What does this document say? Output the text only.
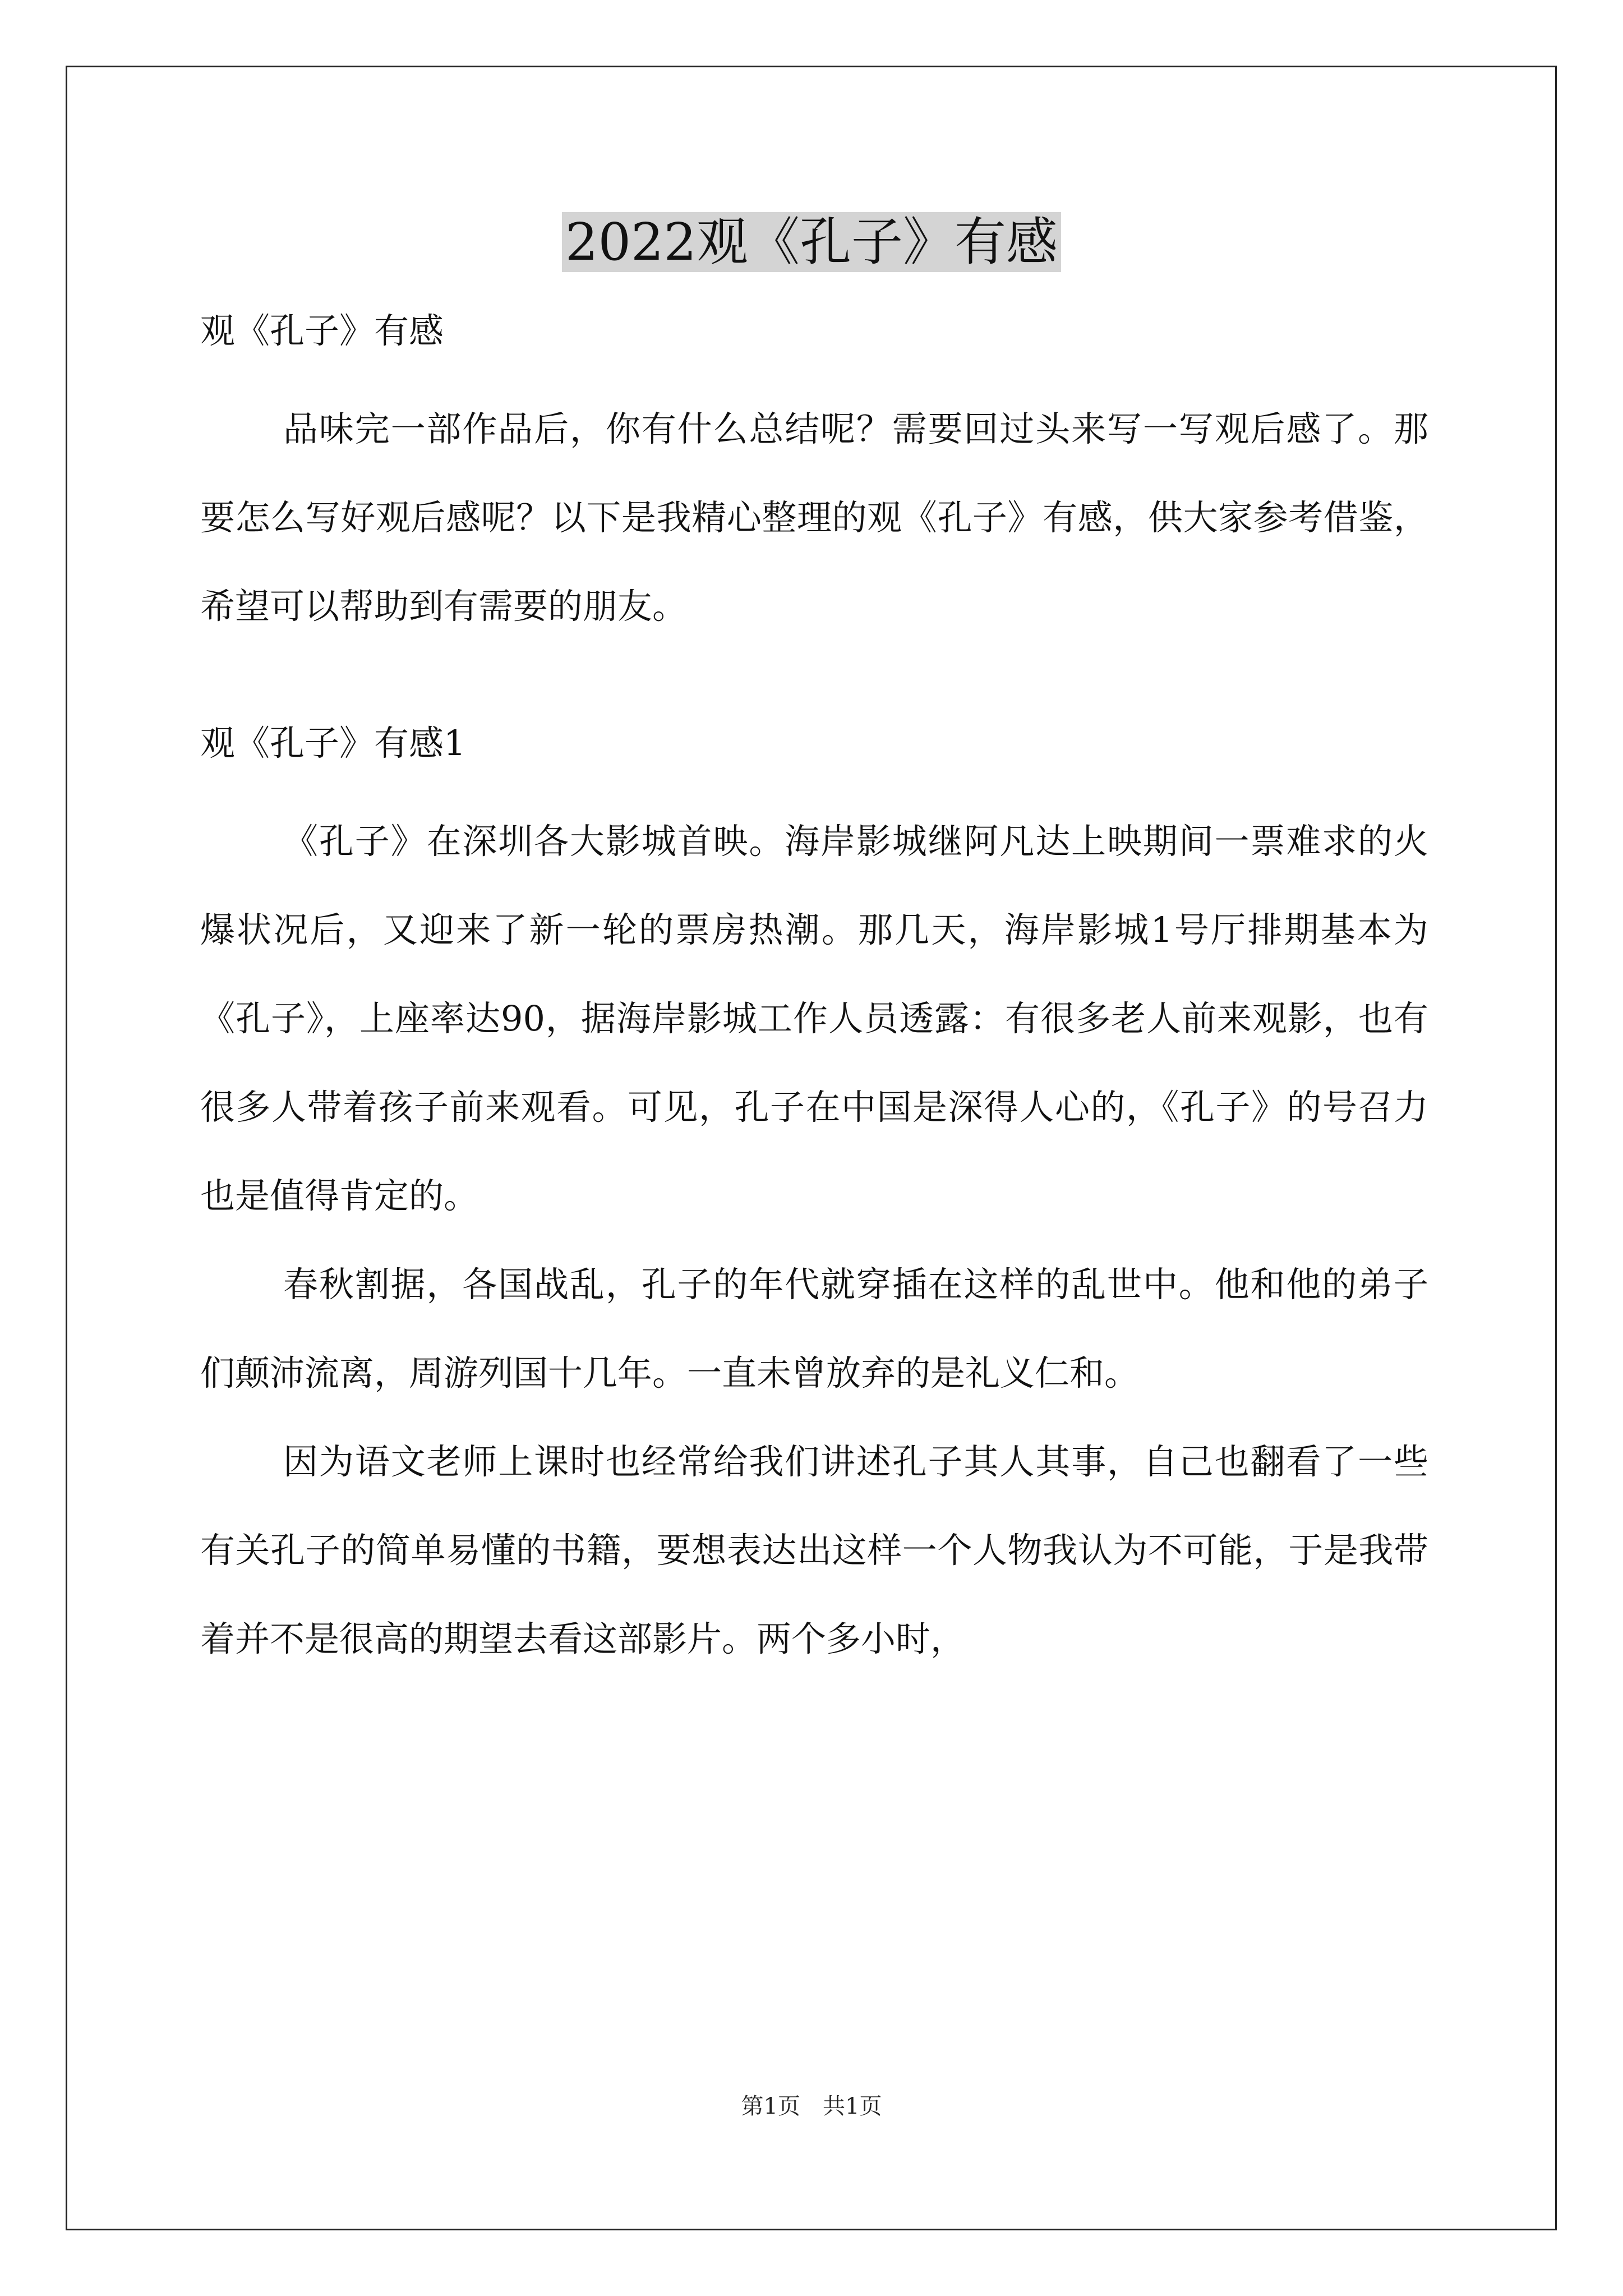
2022观《孔子》有感

观《孔子》有感

品味完一部作品后，你有什么总结呢？需要回过头来写一写观后感了。那要怎么写好观后感呢？以下是我精心整理的观《孔子》有感，供大家参考借鉴，希望可以帮助到有需要的朋友。

观《孔子》有感1

《孔子》在深圳各大影城首映。海岸影城继阿凡达上映期间一票难求的火爆状况后，又迎来了新一轮的票房热潮。那几天，海岸影城1号厅排期基本为《孔子》，上座率达90，据海岸影城工作人员透露：有很多老人前来观影，也有很多人带着孩子前来观看。可见，孔子在中国是深得人心的，《孔子》的号召力也是值得肯定的。

春秋割据，各国战乱，孔子的年代就穿插在这样的乱世中。他和他的弟子们颠沛流离，周游列国十几年。一直未曾放弃的是礼义仁和。

因为语文老师上课时也经常给我们讲述孔子其人其事，自己也翻看了一些有关孔子的简单易懂的书籍，要想表达出这样一个人物我认为不可能，于是我带着并不是很高的期望去看这部影片。两个多小时，

第1页　共1页
